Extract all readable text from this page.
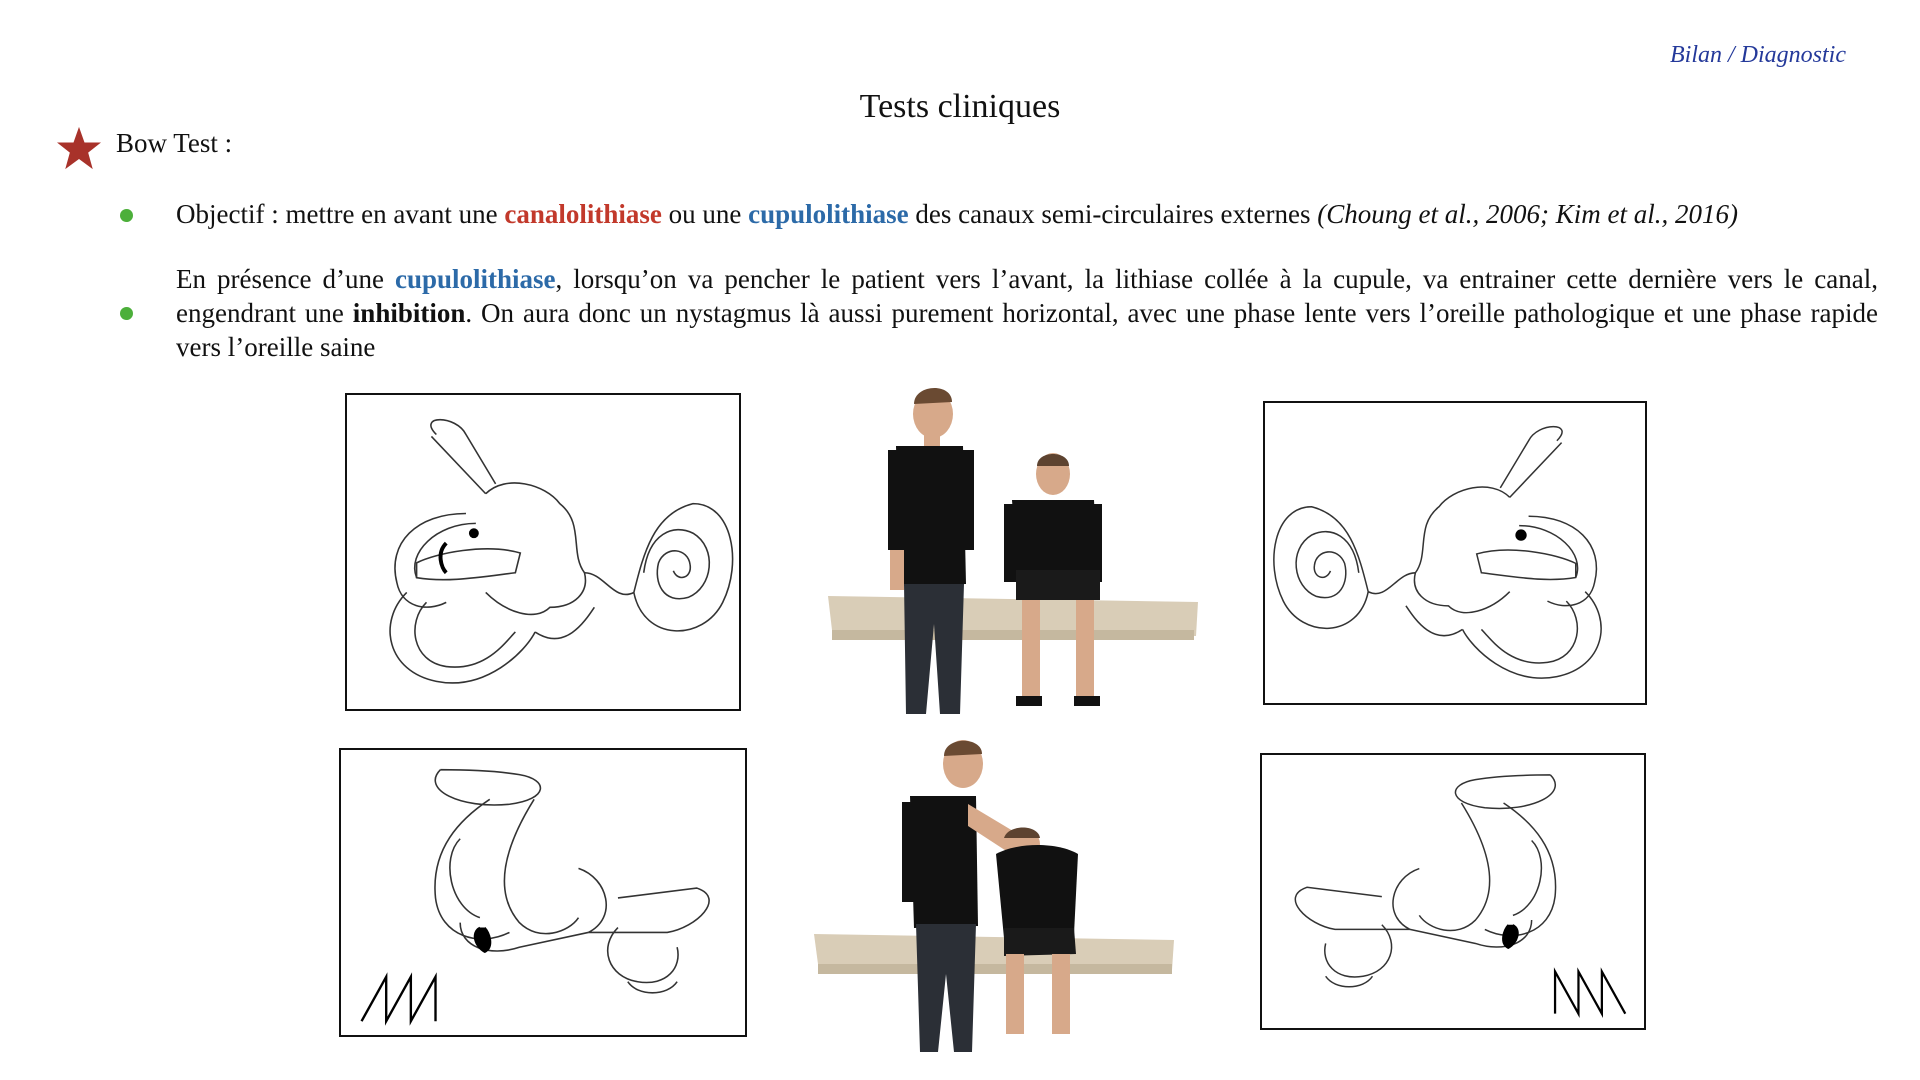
Bilan / Diagnostic
Tests cliniques
Bow Test :
Objectif : mettre en avant une canalolithiase ou une cupulolithiase des canaux semi-circulaires externes (Choung et al., 2006; Kim et al., 2016)
En présence d’une cupulolithiase, lorsqu’on va pencher le patient vers l’avant, la lithiase collée à la cupule, va entrainer cette dernière vers le canal, engendrant une inhibition. On aura donc un nystagmus là aussi purement horizontal, avec une phase lente vers l’oreille pathologique et une phase rapide vers l’oreille saine
